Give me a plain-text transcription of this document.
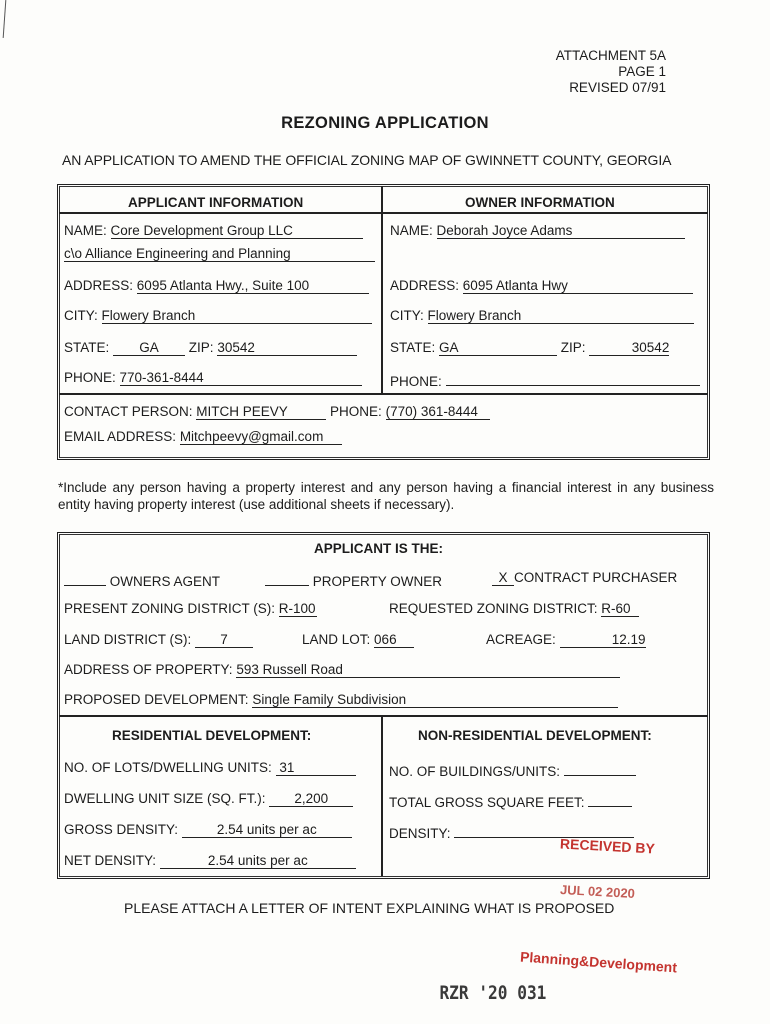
ATTACHMENT 5A
PAGE 1
REVISED 07/91
REZONING APPLICATION
AN APPLICATION TO AMEND THE OFFICIAL ZONING MAP OF GWINNETT COUNTY, GEORGIA
APPLICANT INFORMATION	OWNER INFORMATION
NAME: Core Development Group LLC
c\o Alliance Engineering and Planning
ADDRESS: 6095 Atlanta Hwy., Suite 100
CITY: Flowery Branch
STATE: GA ZIP: 30542
PHONE: 770-361-8444
NAME: Deborah Joyce Adams
ADDRESS: 6095 Atlanta Hwy
CITY: Flowery Branch
STATE: GA	ZIP:	30542
PHONE:
CONTACT PERSON: MITCH PEEVY	PHONE: (770) 361-8444
EMAIL ADDRESS: Mitchpeevy@gmail.com
*Include any person having a property interest and any person having a financial interest in any business entity having property interest (use additional sheets if necessary).
APPLICANT IS THE:
OWNERS AGENT	PROPERTY OWNER	X CONTRACT PURCHASER
PRESENT ZONING DISTRICT (S): R-100	REQUESTED ZONING DISTRICT: R-60
LAND DISTRICT (S): 7	LAND LOT: 066	ACREAGE:	12.19
ADDRESS OF PROPERTY: 593 Russell Road
PROPOSED DEVELOPMENT: Single Family Subdivision
RESIDENTIAL DEVELOPMENT:
NO. OF LOTS/DWELLING UNITS: 31
DWELLING UNIT SIZE (SQ. FT.): 2,200
GROSS DENSITY:	2.54 units per ac
NET DENSITY:	2.54 units per ac
NON-RESIDENTIAL DEVELOPMENT:
NO. OF BUILDINGS/UNITS:
TOTAL GROSS SQUARE FEET:
DENSITY:
RECEIVED BY
PLEASE ATTACH A LETTER OF INTENT EXPLAINING WHAT IS PROPOSED
JUL 02 2020
Planning&Development
RZR '20 031
